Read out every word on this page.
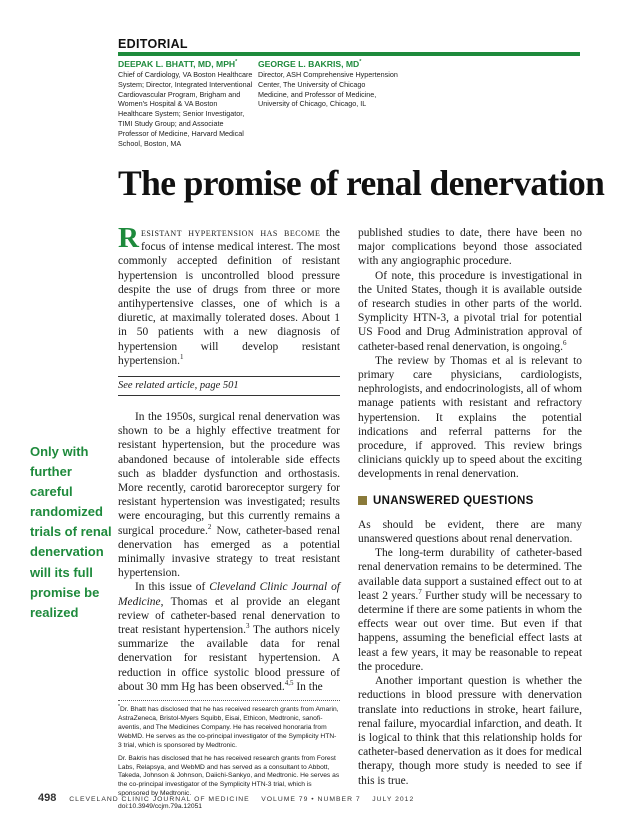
EDITORIAL
DEEPAK L. BHATT, MD, MPH*
Chief of Cardiology, VA Boston Healthcare System; Director, Integrated Interventional Cardiovascular Program, Brigham and Women's Hospital & VA Boston Healthcare System; Senior Investigator, TIMI Study Group; and Associate Professor of Medicine, Harvard Medical School, Boston, MA
GEORGE L. BAKRIS, MD*
Director, ASH Comprehensive Hypertension Center, The University of Chicago Medicine, and Professor of Medicine, University of Chicago, Chicago, IL
The promise of renal denervation

Resistant hypertension has become the focus of intense medical interest. The most commonly accepted definition of resistant hypertension is uncontrolled blood pressure despite the use of drugs from three or more antihypertensive classes, one of which is a diuretic, at maximally tolerated doses. About 1 in 50 patients with a new diagnosis of hypertension will develop resistant hypertension.$^1$

See related article, page 501

In the 1950s, surgical renal denervation was shown to be a highly effective treatment for resistant hypertension, but the procedure was abandoned because of intolerable side effects such as bladder dysfunction and orthostasis. More recently, carotid baroreceptor surgery for resistant hypertension was investigated; results were encouraging, but this currently remains a surgical procedure.$^2$ Now, catheter-based renal denervation has emerged as a potential minimally invasive strategy to treat resistant hypertension.

In this issue of Cleveland Clinic Journal of Medicine, Thomas et al provide an elegant review of catheter-based renal denervation to treat resistant hypertension.$^3$ The authors nicely summarize the available data for renal denervation for resistant hypertension. A reduction in office systolic blood pressure of about 30 mm Hg has been observed.$^{4,5}$ In the

*Dr. Bhatt has disclosed that he has received research grants from Amarin, AstraZeneca, Bristol-Myers Squibb, Eisai, Ethicon, Medtronic, sanofi-aventis, and The Medicines Company. He has received honoraria from WebMD. He serves as the co-principal investigator of the Symplicity HTN-3 trial, which is sponsored by Medtronic.

Dr. Bakris has disclosed that he has received research grants from Forest Labs, Relapsya, and WebMD and has served as a consultant to Abbott, Takeda, Johnson & Johnson, Daiichi-Sankyo, and Medtronic. He serves as the co-principal investigator of the Symplicity HTN-3 trial, which is sponsored by Medtronic.

doi:10.3949/ccjm.79a.12051

Only with further careful randomized trials of renal denervation will its full promise be realized

published studies to date, there have been no major complications beyond those associated with any angiographic procedure.

Of note, this procedure is investigational in the United States, though it is available outside of research studies in other parts of the world. Symplicity HTN-3, a pivotal trial for potential US Food and Drug Administration approval of catheter-based renal denervation, is ongoing.$^6$

The review by Thomas et al is relevant to primary care physicians, cardiologists, nephrologists, and endocrinologists, all of whom manage patients with resistant and refractory hypertension. It explains the potential indications and referral patterns for the procedure, if approved. This review brings clinicians quickly up to speed about the exciting developments in renal denervation.

UNANSWERED QUESTIONS

As should be evident, there are many unanswered questions about renal denervation.

The long-term durability of catheter-based renal denervation remains to be determined. The available data support a sustained effect out to at least 2 years.$^7$ Further study will be necessary to determine if there are some patients in whom the effects wear out over time. But even if that happens, assuming the beneficial effect lasts at least a few years, it may be reasonable to repeat the procedure.

Another important question is whether the reductions in blood pressure with denervation translate into reductions in stroke, heart failure, renal failure, myocardial infarction, and death. It is logical to think that this relationship holds for catheter-based denervation as it does for medical therapy, though more study is needed to see if this is true.

498 CLEVELAND CLINIC JOURNAL OF MEDICINE VOLUME 79 • NUMBER 7 JULY 2012
